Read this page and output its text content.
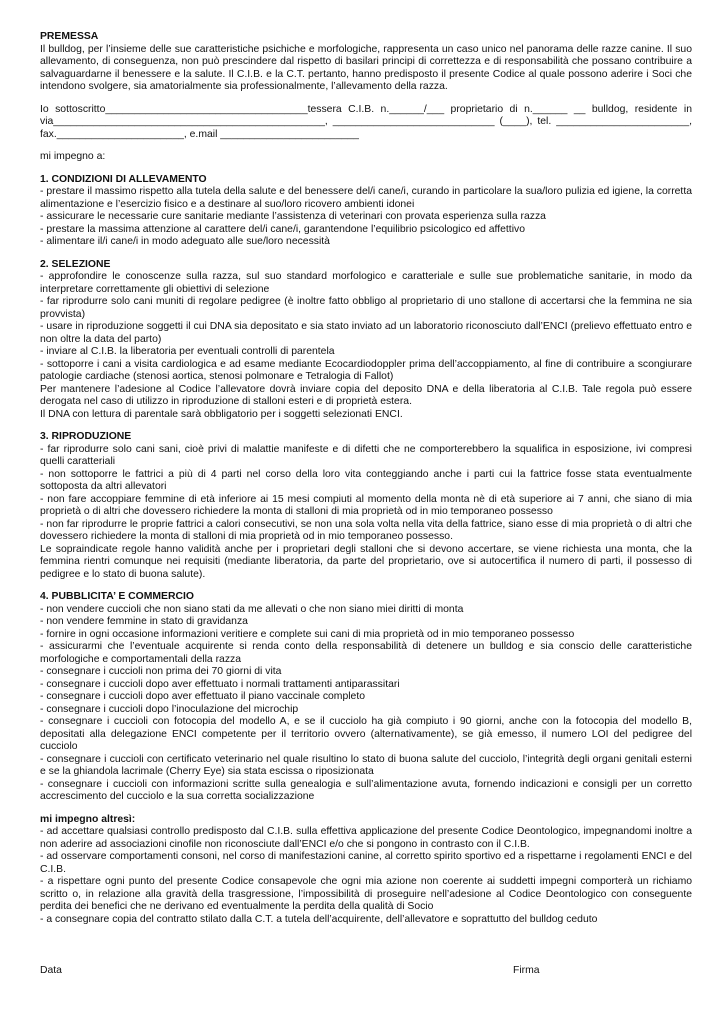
PREMESSA

Il bulldog, per l’insieme delle sue caratteristiche psichiche e morfologiche, rappresenta un caso unico nel panorama delle razze canine. Il suo allevamento, di conseguenza, non può prescindere dal rispetto di basilari principi di correttezza e di responsabilità che possano contribuire a salvaguardarne il benessere e la salute. Il C.I.B. e la C.T. pertanto, hanno predisposto il presente Codice al quale possono aderire i Soci che intendono svolgere, sia amatorialmente sia professionalmente, l’allevamento della razza.

Io sottoscritto___________________________________tessera C.I.B. n.______/___ proprietario di n.______ __ bulldog, residente in via_______________________________________________, ____________________________ (____), tel. _______________________, fax.______________________, e.mail ________________________

mi impegno a:

1. CONDIZIONI DI ALLEVAMENTO

- prestare il massimo rispetto alla tutela della salute e del benessere del/i cane/i, curando in particolare la sua/loro pulizia ed igiene, la corretta alimentazione e l’esercizio fisico e a destinare al suo/loro ricovero ambienti idonei

- assicurare le necessarie cure sanitarie mediante l’assistenza di veterinari con provata esperienza sulla razza

- prestare la massima attenzione al carattere del/i cane/i, garantendone l’equilibrio psicologico ed affettivo

- alimentare il/i cane/i in modo adeguato alle sue/loro necessità

2. SELEZIONE

- approfondire le conoscenze sulla razza, sul suo standard morfologico e caratteriale e sulle sue problematiche sanitarie, in modo da interpretare correttamente gli obiettivi di selezione

- far riprodurre solo cani muniti di regolare pedigree (è inoltre fatto obbligo al proprietario di uno stallone di accertarsi che la femmina ne sia provvista)

- usare in riproduzione soggetti il cui DNA sia depositato e sia stato inviato ad un laboratorio riconosciuto dall’ENCI (prelievo effettuato entro e non oltre la data del parto)

- inviare al C.I.B. la liberatoria per eventuali controlli di parentela

- sottoporre i cani a visita cardiologica e ad esame mediante Ecocardiodoppler prima dell’accoppiamento, al fine di contribuire a scongiurare patologie cardiache (stenosi aortica, stenosi polmonare e Tetralogia di Fallot)

Per mantenere l’adesione al Codice l’allevatore dovrà inviare copia del deposito DNA e della liberatoria al C.I.B. Tale regola può essere derogata nel caso di utilizzo in riproduzione di stalloni esteri e di proprietà estera.

Il DNA con lettura di parentale sarà obbligatorio per i soggetti selezionati ENCI.

3. RIPRODUZIONE

- far riprodurre solo cani sani, cioè privi di malattie manifeste e di difetti che ne comporterebbero la squalifica in esposizione, ivi compresi quelli caratteriali

- non sottoporre le fattrici a più di 4 parti nel corso della loro vita conteggiando anche i parti cui la fattrice fosse stata eventualmente sottoposta da altri allevatori

- non fare accoppiare femmine di età inferiore ai 15 mesi compiuti al momento della monta nè di età superiore ai 7 anni, che siano di mia proprietà o di altri che dovessero richiedere la monta di stalloni di mia proprietà od in mio temporaneo possesso

- non far riprodurre le proprie fattrici a calori consecutivi, se non una sola volta nella vita della fattrice, siano esse di mia proprietà o di altri che dovessero richiedere la monta di stalloni di mia proprietà od in mio temporaneo possesso.

Le sopraindicate regole hanno validità anche per i proprietari degli stalloni che si devono accertare, se viene richiesta una monta, che la femmina rientri comunque nei requisiti (mediante liberatoria, da parte del proprietario, ove si autocertifica il numero di parti, il possesso di pedigree e lo stato di buona salute).

4. PUBBLICITA’ E COMMERCIO

- non vendere cuccioli che non siano stati da me allevati o che non siano miei diritti di monta

- non vendere femmine in stato di gravidanza

- fornire in ogni occasione informazioni veritiere e complete sui cani di mia proprietà od in mio temporaneo possesso

- assicurarmi che l’eventuale acquirente si renda conto della responsabilità di detenere un bulldog e sia conscio delle caratteristiche morfologiche e comportamentali della razza

- consegnare i cuccioli non prima dei 70 giorni di vita

- consegnare i cuccioli dopo aver effettuato i normali trattamenti antiparassitari

- consegnare i cuccioli dopo aver effettuato il piano vaccinale completo

- consegnare i cuccioli dopo l’inoculazione del microchip

- consegnare i cuccioli con fotocopia del modello A, e se il cucciolo ha già compiuto i 90 giorni, anche con la fotocopia del modello B, depositati alla delegazione ENCI competente per il territorio ovvero (alternativamente), se già emesso, il numero LOI del pedigree del cucciolo

- consegnare i cuccioli con certificato veterinario nel quale risultino lo stato di buona salute del cucciolo, l’integrità degli organi genitali esterni e se la ghiandola lacrimale (Cherry Eye) sia stata escissa o riposizionata

- consegnare i cuccioli con informazioni scritte sulla genealogia e sull’alimentazione avuta, fornendo indicazioni e consigli per un corretto accrescimento del cucciolo e la sua corretta socializzazione

mi impegno altresì:

- ad accettare qualsiasi controllo predisposto dal C.I.B. sulla effettiva applicazione del presente Codice Deontologico, impegnandomi inoltre a non aderire ad associazioni cinofile non riconosciute dall’ENCI e/o che si pongono in contrasto con il C.I.B.

- ad osservare comportamenti consoni, nel corso di manifestazioni canine, al corretto spirito sportivo ed a rispettarne i regolamenti ENCI e del C.I.B.

- a rispettare ogni punto del presente Codice consapevole che ogni mia azione non coerente ai suddetti impegni comporterà un richiamo scritto o, in relazione alla gravità della trasgressione, l’impossibilità di proseguire nell’adesione al Codice Deontologico con conseguente perdita dei benefici che ne derivano ed eventualmente la perdita della qualità di Socio

- a consegnare copia del contratto stilato dalla C.T. a tutela dell’acquirente, dell’allevatore e soprattutto del bulldog ceduto

Data	Firma
